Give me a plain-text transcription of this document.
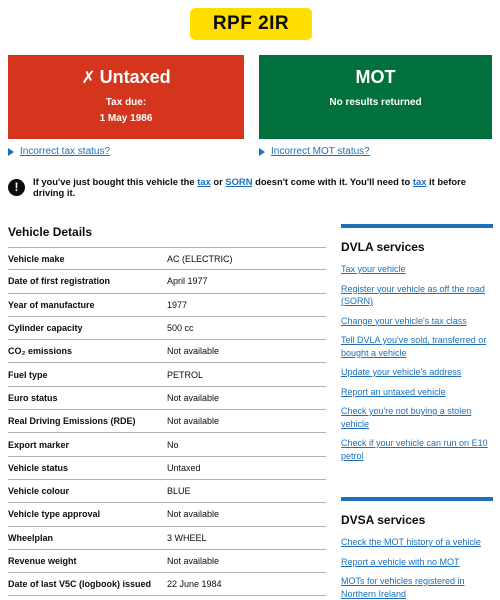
RPF 2IR
✗ Untaxed
Tax due:
1 May 1986
MOT
No results returned
Incorrect tax status?	Incorrect MOT status?
!	If you've just bought this vehicle the tax or SORN doesn't come with it. You'll need to tax it before driving it.
Vehicle Details
Vehicle make	AC (ELECTRIC)
Date of first registration	April 1977
Year of manufacture	1977
Cylinder capacity	500 cc
CO₂ emissions	Not available
Fuel type	PETROL
Euro status	Not available
Real Driving Emissions (RDE)	Not available
Export marker	No
Vehicle status	Untaxed
Vehicle colour	BLUE
Vehicle type approval	Not available
Wheelplan	3 WHEEL
Revenue weight	Not available
Date of last V5C (logbook) issued	22 June 1984
DVLA services
Tax your vehicle
Register your vehicle as off the road (SORN)
Change your vehicle's tax class
Tell DVLA you've sold, transferred or bought a vehicle
Update your vehicle's address
Report an untaxed vehicle
Check you're not buying a stolen vehicle
Check if your vehicle can run on E10 petrol
DVSA services
Check the MOT history of a vehicle
Report a vehicle with no MOT
MOTs for vehicles registered in Northern Ireland
